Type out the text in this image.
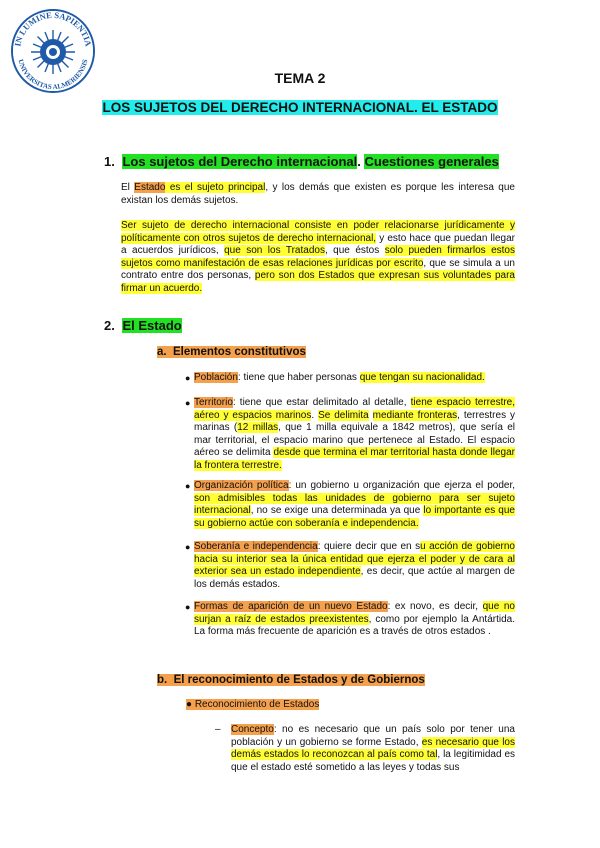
IN LUMINE SAPIENTIA
UNIVERSITAS ALMERIENSIS
TEMA 2
LOS SUJETOS DEL DERECHO INTERNACIONAL. EL ESTADO
1. Los sujetos del Derecho internacional. Cuestiones generales
El Estado es el sujeto principal, y los demás que existen es porque les interesa que existan los demás sujetos.
Ser sujeto de derecho internacional consiste en poder relacionarse jurídicamente y políticamente con otros sujetos de derecho internacional, y esto hace que puedan llegar a acuerdos jurídicos, que son los Tratados, que éstos solo pueden firmarlos estos sujetos como manifestación de esas relaciones jurídicas por escrito, que se simula a un contrato entre dos personas, pero son dos Estados que expresan sus voluntades para firmar un acuerdo.
2. El Estado
a. Elementos constitutivos
● Población: tiene que haber personas que tengan su nacionalidad.
● Territorio: tiene que estar delimitado al detalle, tiene espacio terrestre, aéreo y espacios marinos. Se delimita mediante fronteras, terrestres y marinas (12 millas, que 1 milla equivale a 1842 metros), que sería el mar territorial, el espacio marino que pertenece al Estado. El espacio aéreo se delimita desde que termina el mar territorial hasta donde llegar la frontera terrestre.
● Organización política: un gobierno u organización que ejerza el poder, son admisibles todas las unidades de gobierno para ser sujeto internacional, no se exige una determinada ya que lo importante es que su gobierno actúe con soberanía e independencia.
● Soberanía e independencia: quiere decir que en su acción de gobierno hacia su interior sea la única entidad que ejerza el poder y de cara al exterior sea un estado independiente, es decir, que actúe al margen de los demás estados.
● Formas de aparición de un nuevo Estado: ex novo, es decir, que no surjan a raíz de estados preexistentes, como por ejemplo la Antártida. La forma más frecuente de aparición es a través de otros estados .
b. El reconocimiento de Estados y de Gobiernos
● Reconocimiento de Estados
– Concepto: no es necesario que un país solo por tener una población y un gobierno se forme Estado, es necesario que los demás estados lo reconozcan al país como tal, la legitimidad es que el estado esté sometido a las leyes y todas sus
